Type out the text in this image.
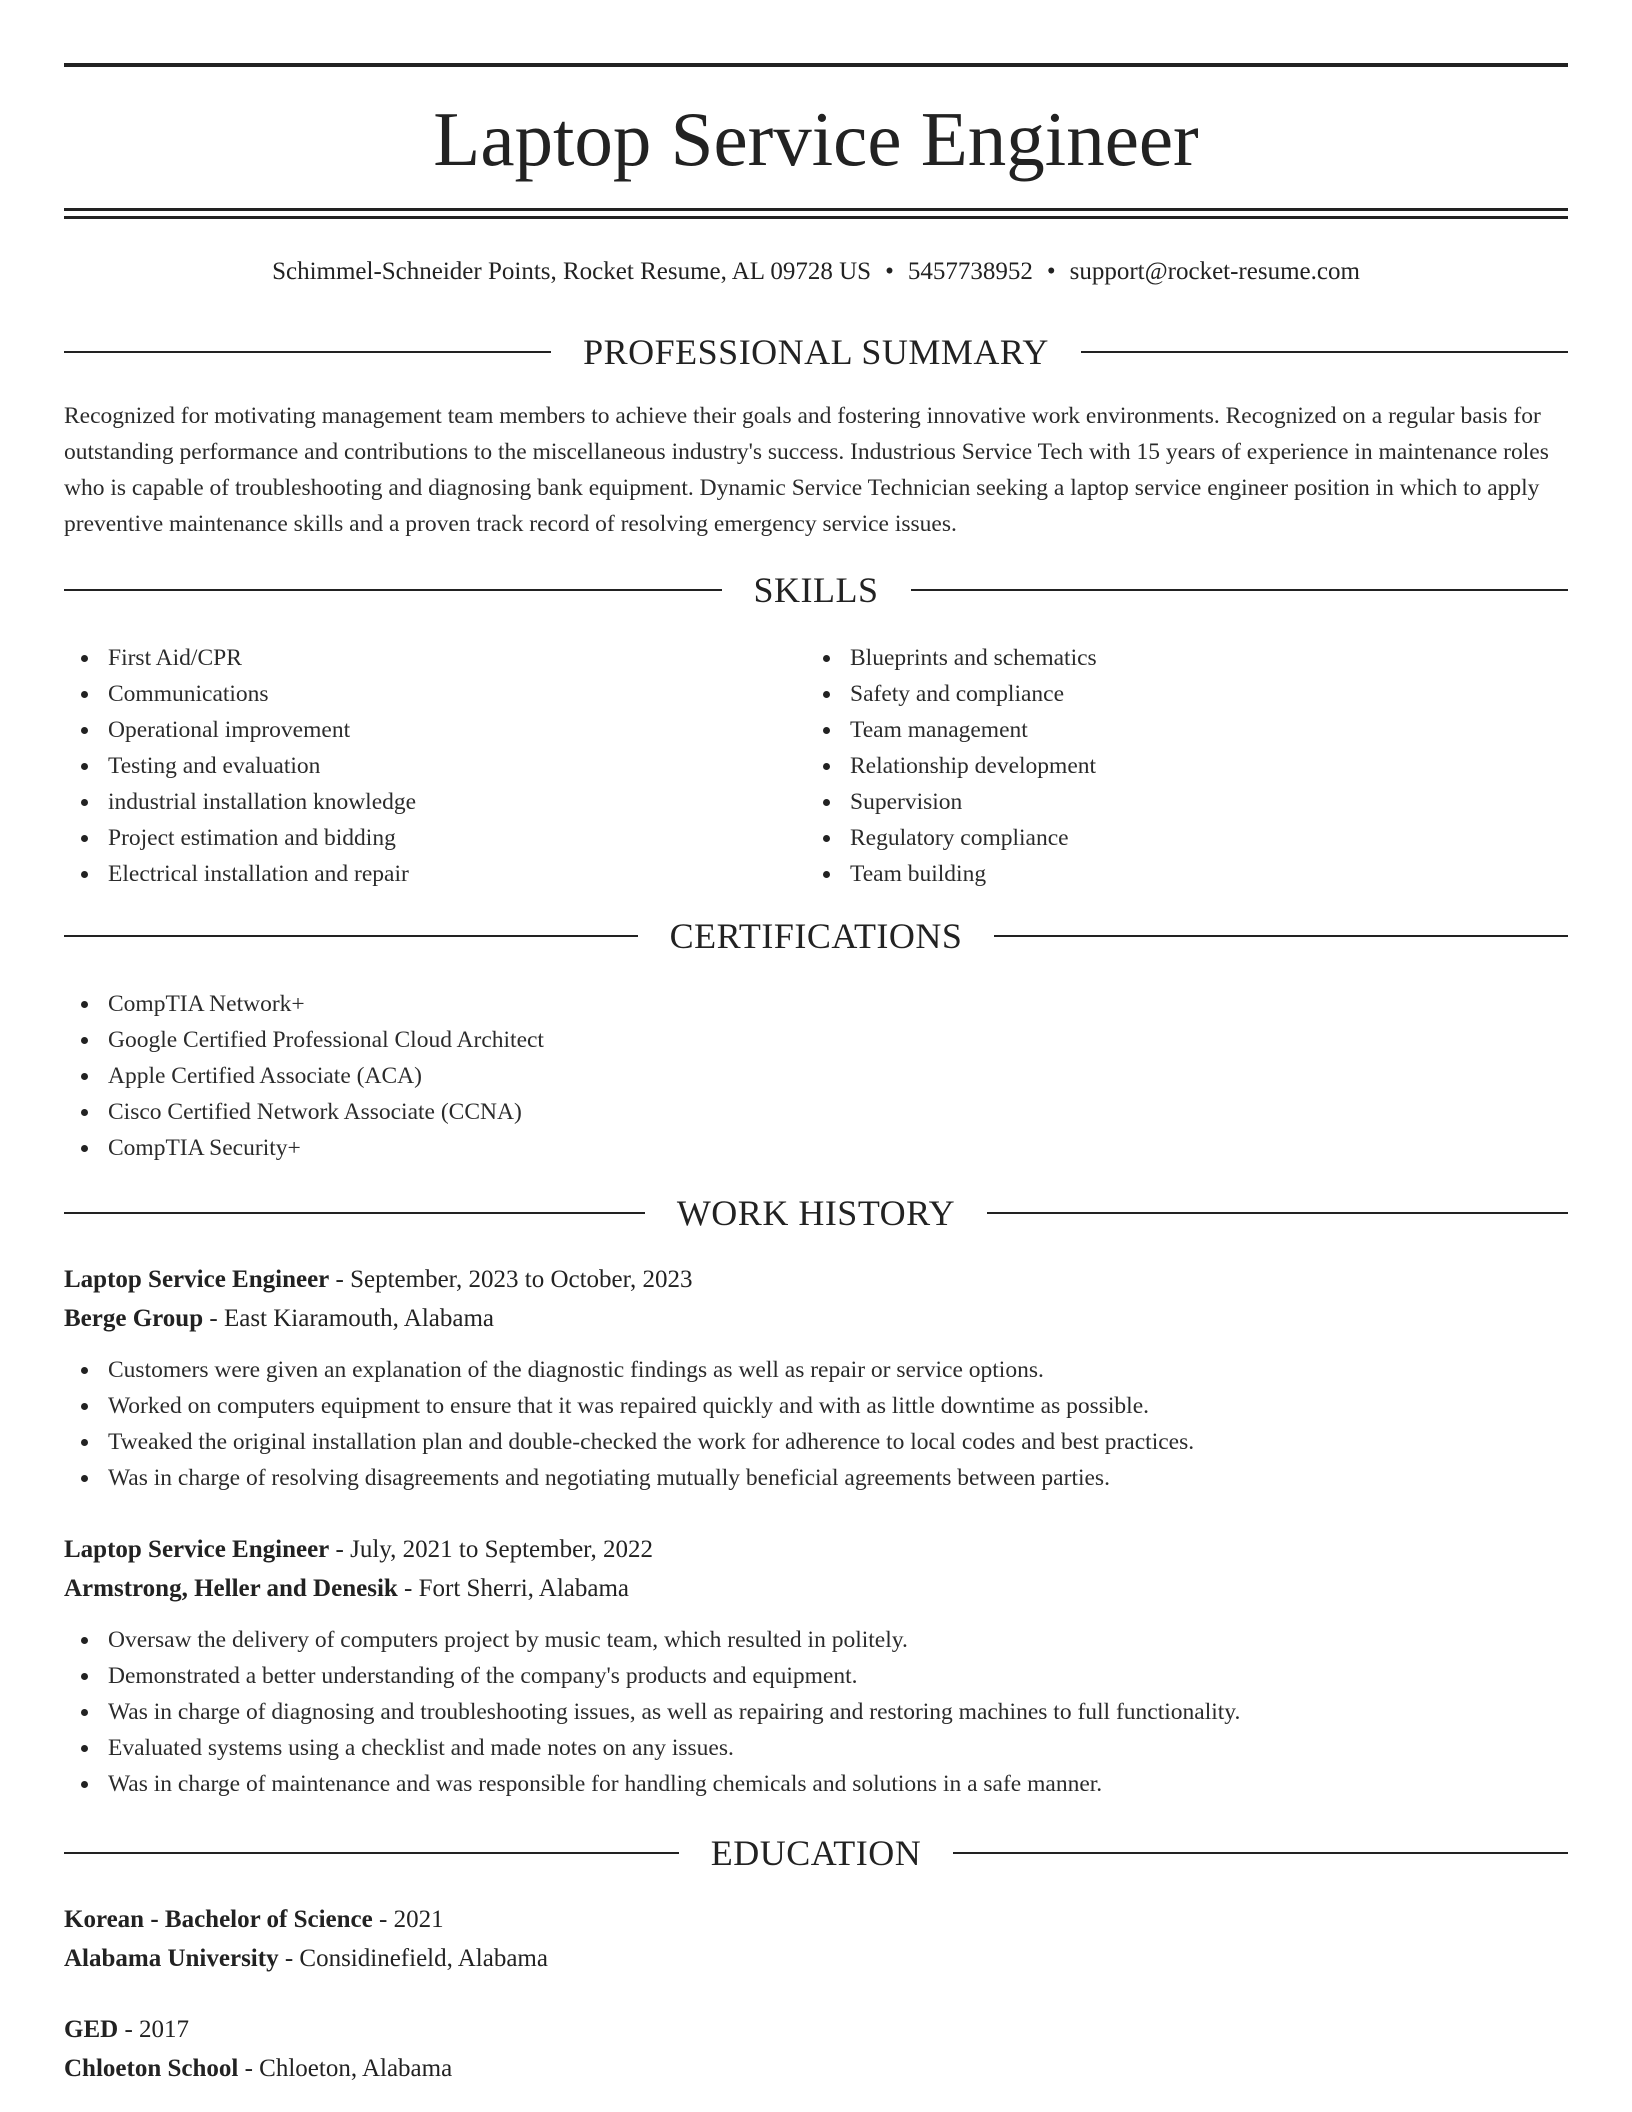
Laptop Service Engineer
Schimmel-Schneider Points, Rocket Resume, AL 09728 US • 5457738952 • support@rocket-resume.com
PROFESSIONAL SUMMARY

Recognized for motivating management team members to achieve their goals and fostering innovative work environments. Recognized on a regular basis for outstanding performance and contributions to the miscellaneous industry's success. Industrious Service Tech with 15 years of experience in maintenance roles who is capable of troubleshooting and diagnosing bank equipment. Dynamic Service Technician seeking a laptop service engineer position in which to apply preventive maintenance skills and a proven track record of resolving emergency service issues.

SKILLS
First Aid/CPR
Communications
Operational improvement
Testing and evaluation
industrial installation knowledge
Project estimation and bidding
Electrical installation and repair
Blueprints and schematics
Safety and compliance
Team management
Relationship development
Supervision
Regulatory compliance
Team building
CERTIFICATIONS
CompTIA Network+
Google Certified Professional Cloud Architect
Apple Certified Associate (ACA)
Cisco Certified Network Associate (CCNA)
CompTIA Security+
WORK HISTORY
Laptop Service Engineer - September, 2023 to October, 2023
Berge Group - East Kiaramouth, Alabama
Customers were given an explanation of the diagnostic findings as well as repair or service options.
Worked on computers equipment to ensure that it was repaired quickly and with as little downtime as possible.
Tweaked the original installation plan and double-checked the work for adherence to local codes and best practices.
Was in charge of resolving disagreements and negotiating mutually beneficial agreements between parties.
Laptop Service Engineer - July, 2021 to September, 2022
Armstrong, Heller and Denesik - Fort Sherri, Alabama
Oversaw the delivery of computers project by music team, which resulted in politely.
Demonstrated a better understanding of the company's products and equipment.
Was in charge of diagnosing and troubleshooting issues, as well as repairing and restoring machines to full functionality.
Evaluated systems using a checklist and made notes on any issues.
Was in charge of maintenance and was responsible for handling chemicals and solutions in a safe manner.
EDUCATION
Korean - Bachelor of Science - 2021
Alabama University - Considinefield, Alabama
GED - 2017
Chloeton School - Chloeton, Alabama
